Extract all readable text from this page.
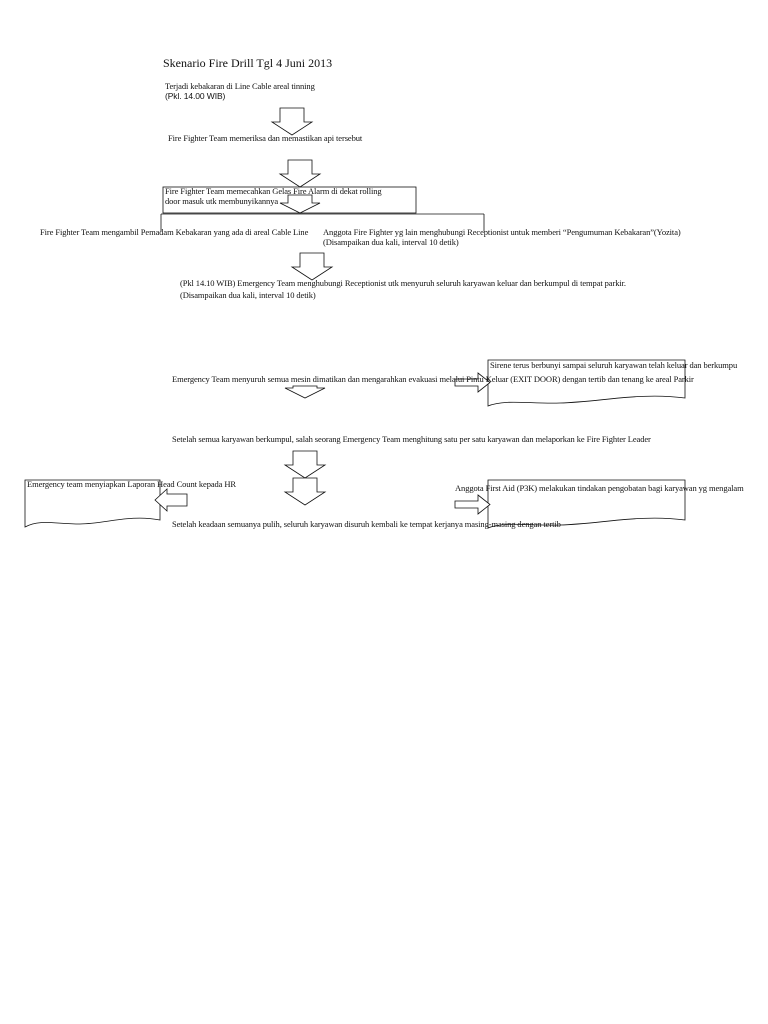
Skenario Fire Drill Tgl 4 Juni 2013
Terjadi kebakaran di Line Cable areal tinning
(Pkl. 14.00 WIB)
Fire Fighter Team memeriksa dan memastikan api tersebut
Fire Fighter Team memecahkan Gelas Fire Alarm di dekat rolling
door masuk utk membunyikannya
Fire Fighter Team mengambil Pemadam Kebakaran yang ada di areal Cable Line	Anggota Fire Fighter yg lain menghubungi Receptionist untuk memberi “Pengumuman Kebakaran”(Yozita)
(Disampaikan dua kali, interval 10 detik)
(Pkl 14.10 WIB) Emergency Team menghubungi Receptionist utk menyuruh seluruh karyawan keluar dan berkumpul di tempat parkir.
(Disampaikan dua kali, interval 10 detik)
Emergency Team menyuruh semua mesin dimatikan dan mengarahkan evakuasi melalui Pintu Keluar (EXIT DOOR) dengan tertib dan tenang ke areal Parkir
Sirene terus berbunyi sampai seluruh karyawan telah keluar dan berkumpu
Setelah semua karyawan berkumpul, salah seorang Emergency Team menghitung satu per satu karyawan dan melaporkan ke Fire Fighter Leader
Emergency team menyiapkan Laporan Head Count kepada HR	Anggota First Aid (P3K) melakukan tindakan pengobatan bagi karyawan yg mengalam
Setelah keadaan semuanya pulih, seluruh karyawan disuruh kembali ke tempat kerjanya masing-masing dengan tertib
